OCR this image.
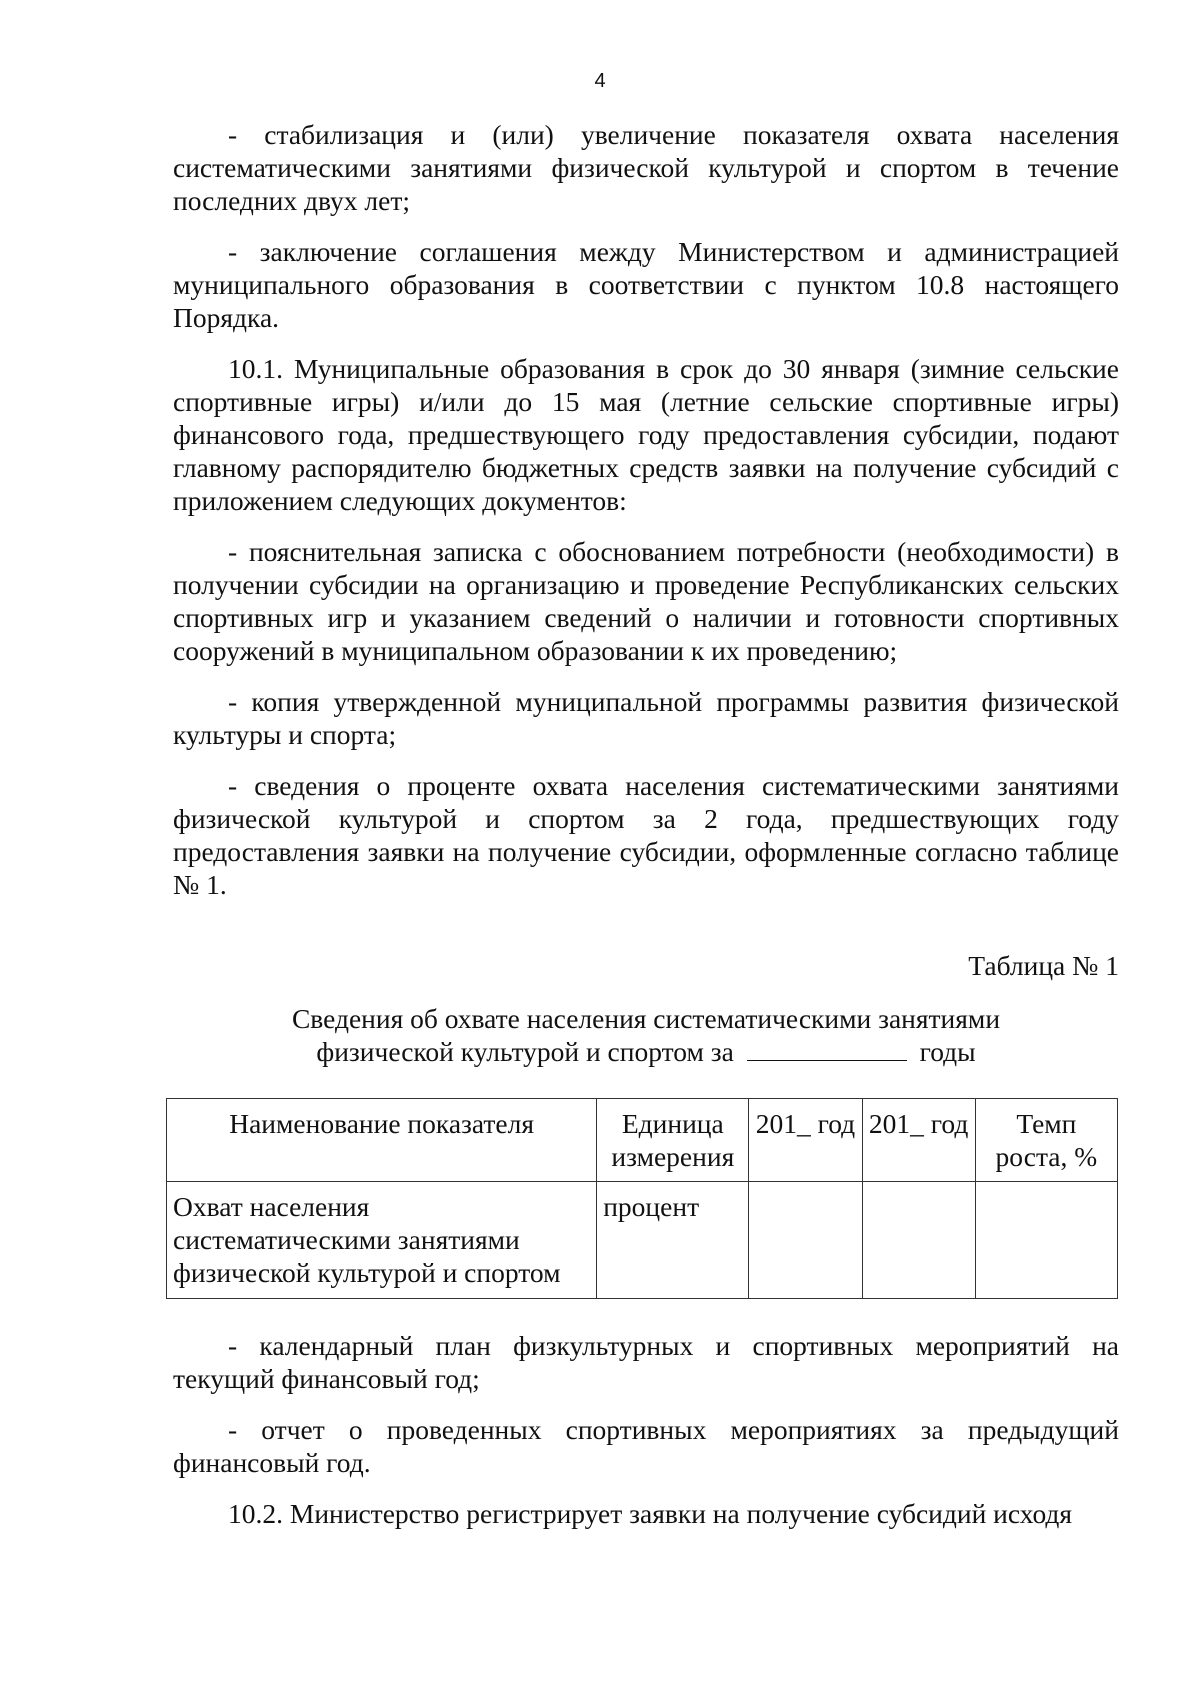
4

- стабилизация и (или) увеличение показателя охвата населения систематическими занятиями физической культурой и спортом в течение последних двух лет;

- заключение соглашения между Министерством и администрацией муниципального образования в соответствии с пунктом 10.8 настоящего Порядка.

10.1. Муниципальные образования в срок до 30 января (зимние сельские спортивные игры) и/или до 15 мая (летние сельские спортивные игры) финансового года, предшествующего году предоставления субсидии, подают главному распорядителю бюджетных средств заявки на получение субсидий с приложением следующих документов:

- пояснительная записка с обоснованием потребности (необходимости) в получении субсидии на организацию и проведение Республиканских сельских спортивных игр и указанием сведений о наличии и готовности спортивных сооружений в муниципальном образовании к их проведению;

- копия утвержденной муниципальной программы развития физической культуры и спорта;

- сведения о проценте охвата населения систематическими занятиями физической культурой и спортом за 2 года, предшествующих году предоставления заявки на получение субсидии, оформленные согласно таблице № 1.

Таблица № 1
Сведения об охвате населения систематическими занятиями
физической культурой и спортом за	годы
Наименование показателя	Единица измерения	201_ год	201_ год	Темп роста, %
Охват населения систематическими занятиями физической культурой и спортом	процент			

- календарный план физкультурных и спортивных мероприятий на текущий финансовый год;

- отчет о проведенных спортивных мероприятиях за предыдущий финансовый год.

10.2. Министерство регистрирует заявки на получение субсидий исходя
